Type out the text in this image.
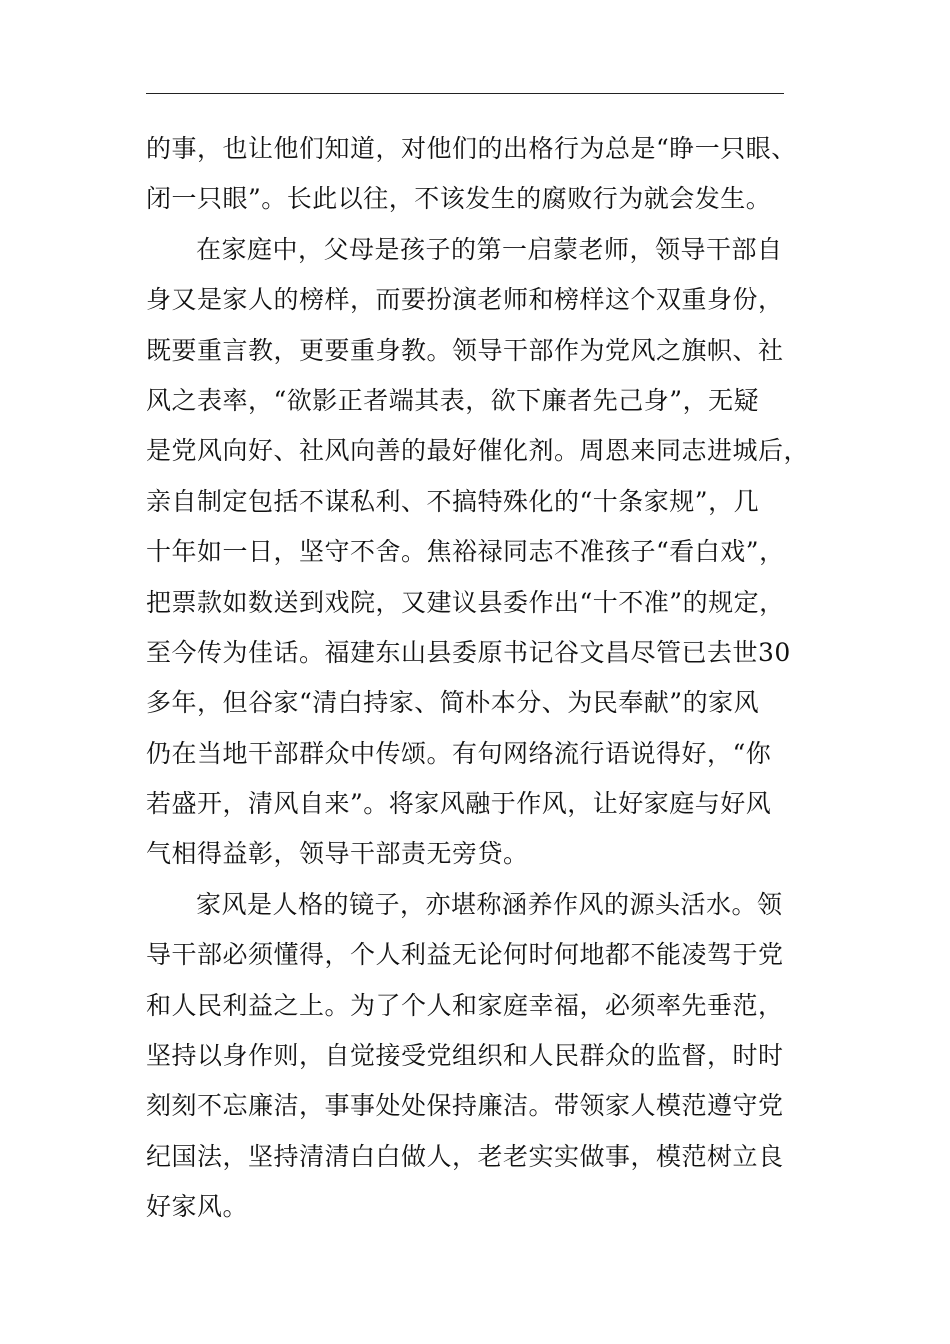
的事，也让他们知道，对他们的出格行为总是“睁一只眼、
闭一只眼”。长此以往，不该发生的腐败行为就会发生。
在家庭中，父母是孩子的第一启蒙老师，领导干部自
身又是家人的榜样，而要扮演老师和榜样这个双重身份，
既要重言教，更要重身教。领导干部作为党风之旗帜、社
风之表率，“欲影正者端其表，欲下廉者先己身”，无疑
是党风向好、社风向善的最好催化剂。周恩来同志进城后，
亲自制定包括不谋私利、不搞特殊化的“十条家规”，几
十年如一日，坚守不舍。焦裕禄同志不准孩子“看白戏”，
把票款如数送到戏院，又建议县委作出“十不准”的规定，
至今传为佳话。福建东山县委原书记谷文昌尽管已去世30
多年，但谷家“清白持家、简朴本分、为民奉献”的家风
仍在当地干部群众中传颂。有句网络流行语说得好，“你
若盛开，清风自来”。将家风融于作风，让好家庭与好风
气相得益彰，领导干部责无旁贷。
家风是人格的镜子，亦堪称涵养作风的源头活水。领
导干部必须懂得，个人利益无论何时何地都不能凌驾于党
和人民利益之上。为了个人和家庭幸福，必须率先垂范，
坚持以身作则，自觉接受党组织和人民群众的监督，时时
刻刻不忘廉洁，事事处处保持廉洁。带领家人模范遵守党
纪国法，坚持清清白白做人，老老实实做事，模范树立良
好家风。
